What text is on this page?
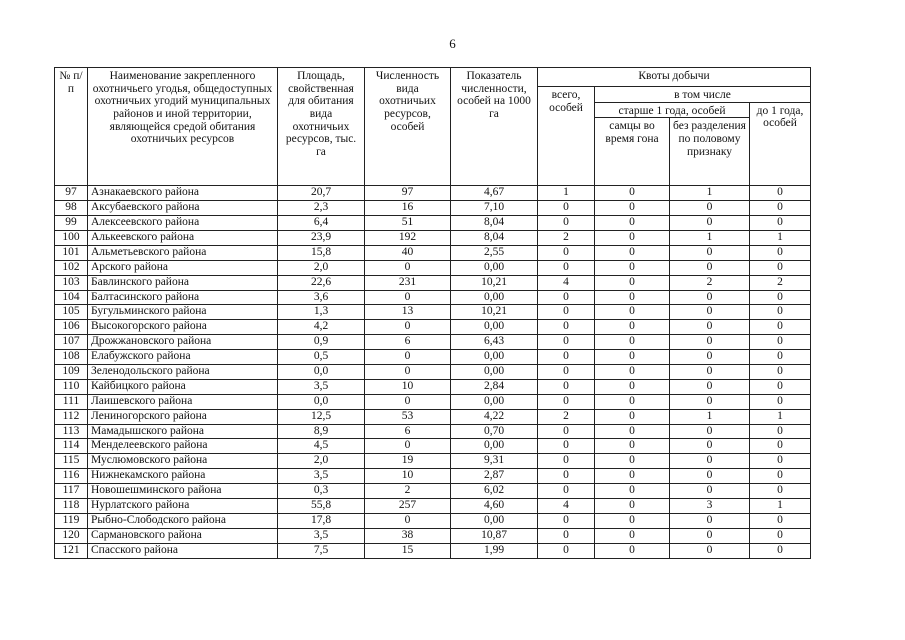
6
№ п/п	Наименование закрепленного охотничьего угодья, общедоступных охотничьих угодий муниципальных районов и иной территории, являющейся средой обитания охотничьих ресурсов	Площадь, свойственная для обитания вида охотничьих ресурсов, тыс. га	Численность вида охотничьих ресурсов, особей	Показатель численности, особей на 1000 га	Квоты добычи			
					всего, особей	в том числе		
						старше 1 года, особей		до 1 года, особей
						самцы во время гона	без разделения по половому признаку	
97	Азнакаевского района	20,7	97	4,67	1	0	1	0
98	Аксубаевского района	2,3	16	7,10	0	0	0	0
99	Алексеевского района	6,4	51	8,04	0	0	0	0
100	Алькеевского района	23,9	192	8,04	2	0	1	1
101	Альметьевского района	15,8	40	2,55	0	0	0	0
102	Арского района	2,0	0	0,00	0	0	0	0
103	Бавлинского района	22,6	231	10,21	4	0	2	2
104	Балтасинского района	3,6	0	0,00	0	0	0	0
105	Бугульминского района	1,3	13	10,21	0	0	0	0
106	Высокогорского района	4,2	0	0,00	0	0	0	0
107	Дрожжановского района	0,9	6	6,43	0	0	0	0
108	Елабужского района	0,5	0	0,00	0	0	0	0
109	Зеленодольского района	0,0	0	0,00	0	0	0	0
110	Кайбицкого района	3,5	10	2,84	0	0	0	0
111	Лаишевского района	0,0	0	0,00	0	0	0	0
112	Лениногорского района	12,5	53	4,22	2	0	1	1
113	Мамадышского района	8,9	6	0,70	0	0	0	0
114	Менделеевского района	4,5	0	0,00	0	0	0	0
115	Муслюмовского района	2,0	19	9,31	0	0	0	0
116	Нижнекамского района	3,5	10	2,87	0	0	0	0
117	Новошешминского района	0,3	2	6,02	0	0	0	0
118	Нурлатского района	55,8	257	4,60	4	0	3	1
119	Рыбно-Слободского района	17,8	0	0,00	0	0	0	0
120	Сармановского района	3,5	38	10,87	0	0	0	0
121	Спасского района	7,5	15	1,99	0	0	0	0
